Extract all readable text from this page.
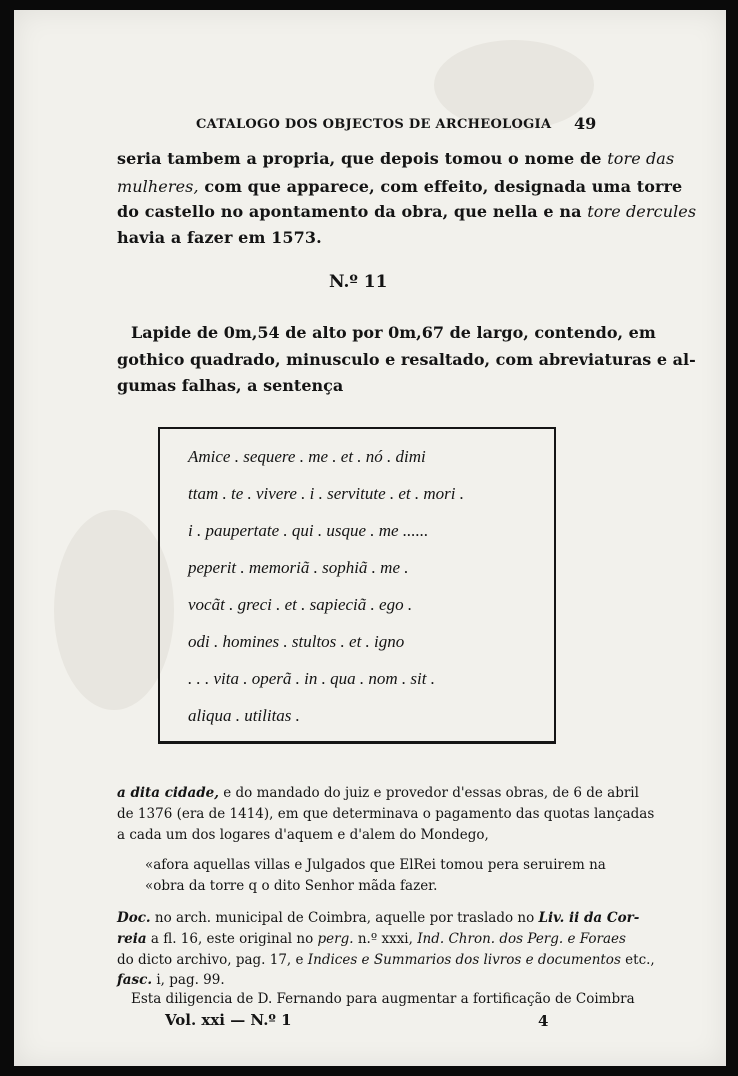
CATALOGO DOS OBJECTOS DE ARCHEOLOGIA 49
seria tambem a propria, que depois tomou o nome de tore das
mulheres, com que apparece, com effeito, designada uma torre
do castello no apontamento da obra, que nella e na tore dercules
havia a fazer em 1573.
N.º 11
Lapide de 0m,54 de alto por 0m,67 de largo, contendo, em
gothico quadrado, minusculo e resaltado, com abreviaturas e al-
gumas falhas, a sentença
Amice . sequere . me . et . nó . dimi
ttam . te . vivere . i . servitute . et . mori .
i . paupertate . qui . usque . me ......
peperit . memoriã . sophiã . me .
vocãt . greci . et . sapieciã . ego .
odi . homines . stultos . et . igno
. . . vita . operã . in . qua . nom . sit .
aliqua . utilitas .
a dita cidade, e do mandado do juiz e provedor d'essas obras, de 6 de abril
de 1376 (era de 1414), em que determinava o pagamento das quotas lançadas
a cada um dos logares d'aquem e d'alem do Mondego,
«afora aquellas villas e Julgados que ElRei tomou pera seruirem na
«obra da torre q o dito Senhor mãda fazer.
Doc. no arch. municipal de Coimbra, aquelle por traslado no Liv. ii da Cor-
reia a fl. 16, este original no perg. n.º xxxi, Ind. Chron. dos Perg. e Foraes
do dicto archivo, pag. 17, e Indices e Summarios dos livros e documentos etc.,
fasc. i, pag. 99.
Esta diligencia de D. Fernando para augmentar a fortificação de Coimbra
Vol. xxi — N.º 1	4
